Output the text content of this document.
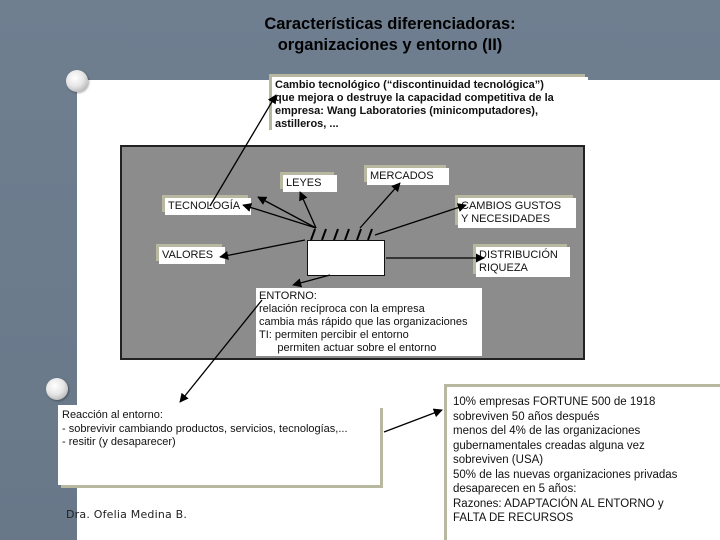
Características diferenciadoras:
organizaciones y entorno (II)
Cambio tecnológico (“discontinuidad tecnológica”)
que mejora o destruye la capacidad competitiva de la
empresa: Wang Laboratories (minicomputadores),
astilleros, ...
LEYES
MERCADOS
TECNOLOGÍA	CAMBIOS GUSTOS
Y NECESIDADES
VALORES	DISTRIBUCIÓN
RIQUEZA
ENTORNO:
relación recíproca con la empresa
cambia más rápido que las organizaciones
TI: permiten percibir el entorno
permiten actuar sobre el entorno
Reacción al entorno:
- sobrevivir cambiando productos, servicios, tecnologías,...
- resitir (y desaparecer)
10% empresas FORTUNE 500 de 1918
sobreviven 50 años después
menos del 4% de las organizaciones
gubernamentales creadas alguna vez
sobreviven (USA)
50% de las nuevas organizaciones privadas
desaparecen en 5 años:
Razones: ADAPTACIÓN AL ENTORNO y
FALTA DE RECURSOS
Dra. Ofelia Medina B.
